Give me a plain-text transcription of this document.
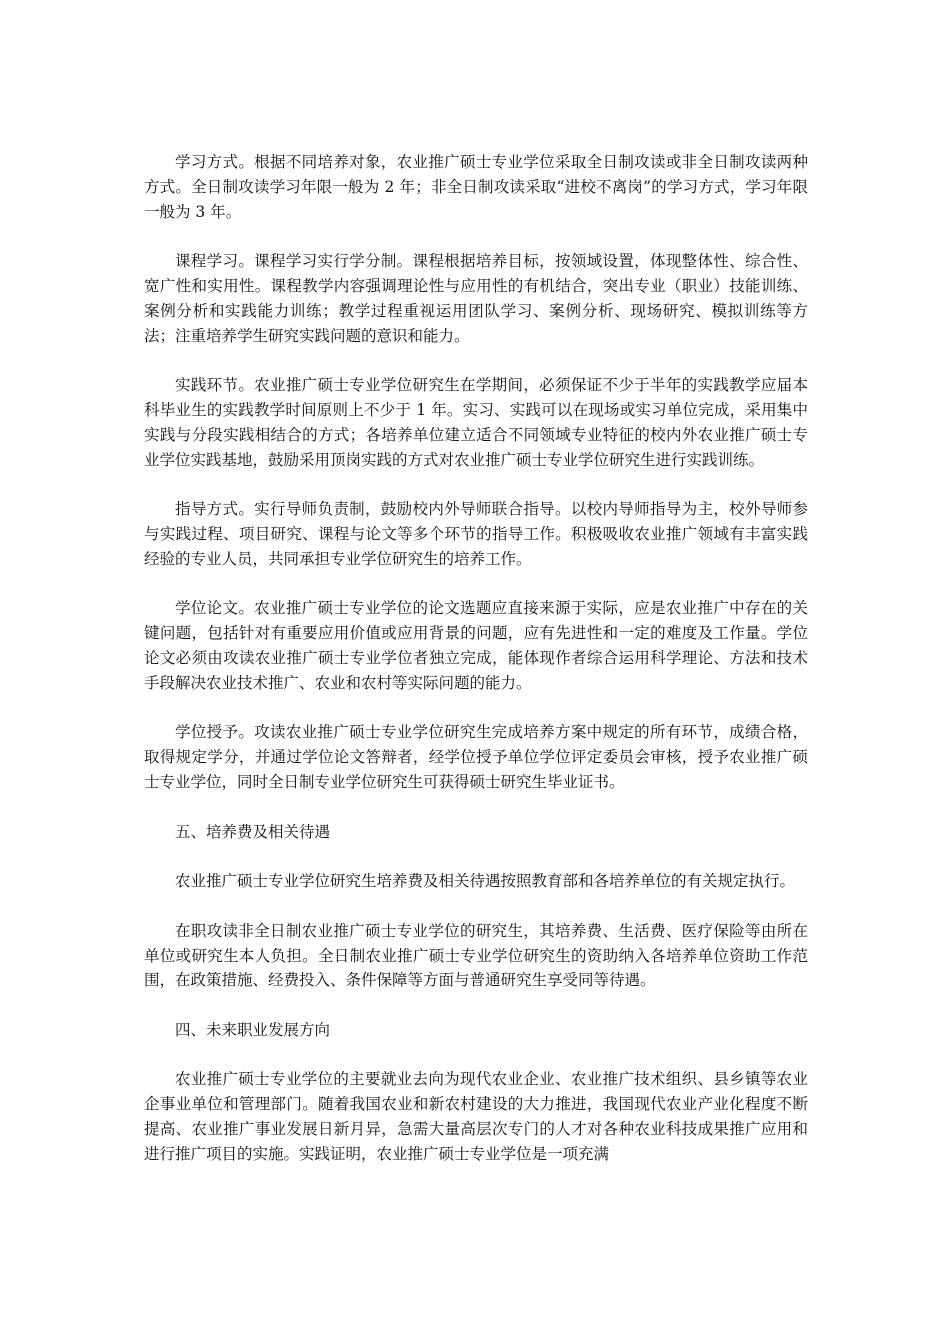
学习方式。根据不同培养对象，农业推广硕士专业学位采取全日制攻读或非全日制攻读两种方式。全日制攻读学习年限一般为 2 年；非全日制攻读采取“进校不离岗”的学习方式，学习年限一般为 3 年。

课程学习。课程学习实行学分制。课程根据培养目标，按领域设置，体现整体性、综合性、宽广性和实用性。课程教学内容强调理论性与应用性的有机结合，突出专业（职业）技能训练、案例分析和实践能力训练；教学过程重视运用团队学习、案例分析、现场研究、模拟训练等方法；注重培养学生研究实践问题的意识和能力。

实践环节。农业推广硕士专业学位研究生在学期间，必须保证不少于半年的实践教学应届本科毕业生的实践教学时间原则上不少于 1 年。实习、实践可以在现场或实习单位完成，采用集中实践与分段实践相结合的方式；各培养单位建立适合不同领域专业特征的校内外农业推广硕士专业学位实践基地，鼓励采用顶岗实践的方式对农业推广硕士专业学位研究生进行实践训练。

指导方式。实行导师负责制，鼓励校内外导师联合指导。以校内导师指导为主，校外导师参与实践过程、项目研究、课程与论文等多个环节的指导工作。积极吸收农业推广领域有丰富实践经验的专业人员，共同承担专业学位研究生的培养工作。

学位论文。农业推广硕士专业学位的论文选题应直接来源于实际，应是农业推广中存在的关键问题，包括针对有重要应用价值或应用背景的问题，应有先进性和一定的难度及工作量。学位论文必须由攻读农业推广硕士专业学位者独立完成，能体现作者综合运用科学理论、方法和技术手段解决农业技术推广、农业和农村等实际问题的能力。

学位授予。攻读农业推广硕士专业学位研究生完成培养方案中规定的所有环节，成绩合格，取得规定学分，并通过学位论文答辩者，经学位授予单位学位评定委员会审核，授予农业推广硕士专业学位，同时全日制专业学位研究生可获得硕士研究生毕业证书。

五、培养费及相关待遇

农业推广硕士专业学位研究生培养费及相关待遇按照教育部和各培养单位的有关规定执行。

在职攻读非全日制农业推广硕士专业学位的研究生，其培养费、生活费、医疗保险等由所在单位或研究生本人负担。全日制农业推广硕士专业学位研究生的资助纳入各培养单位资助工作范围，在政策措施、经费投入、条件保障等方面与普通研究生享受同等待遇。

四、未来职业发展方向

农业推广硕士专业学位的主要就业去向为现代农业企业、农业推广技术组织、县乡镇等农业企事业单位和管理部门。随着我国农业和新农村建设的大力推进，我国现代农业产业化程度不断提高、农业推广事业发展日新月异，急需大量高层次专门的人才对各种农业科技成果推广应用和进行推广项目的实施。实践证明，农业推广硕士专业学位是一项充满
